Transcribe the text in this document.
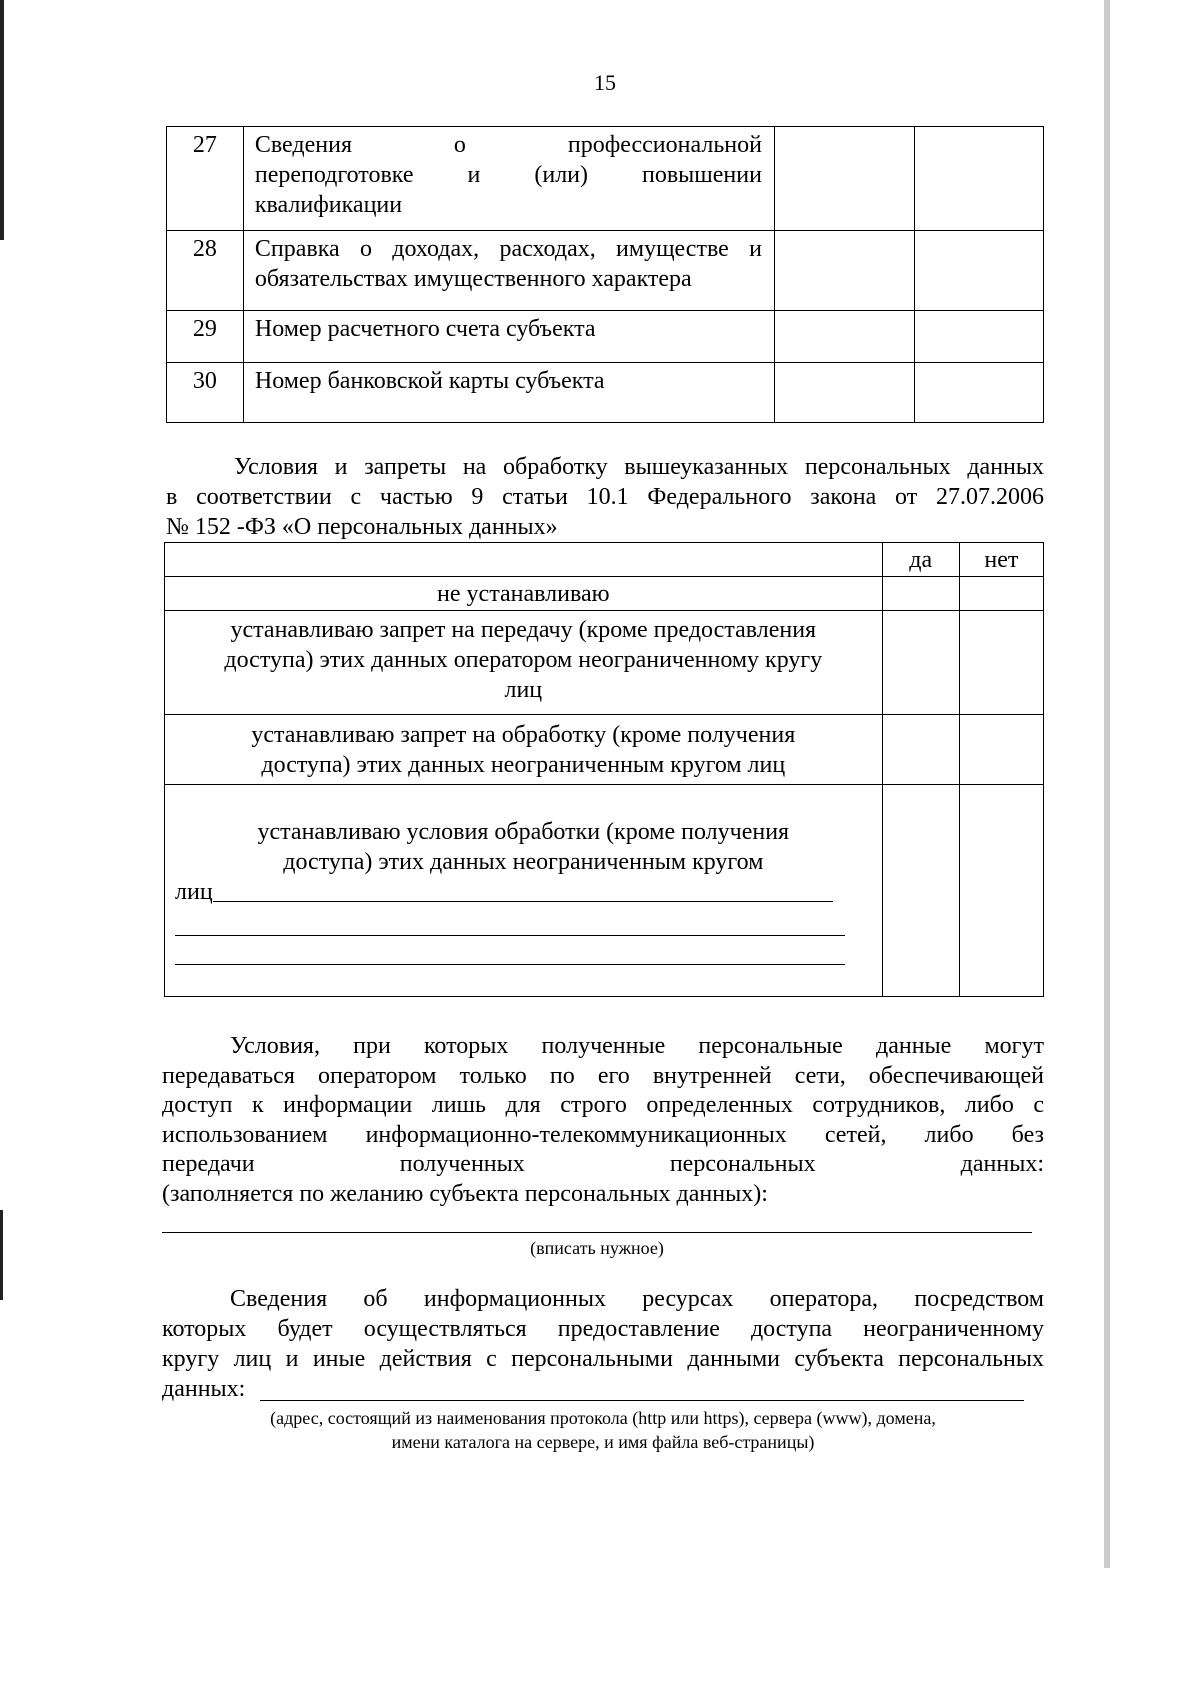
15
27	Сведения о профессиональной
переподготовке и (или) повышении
квалификации		

28	Справка о доходах, расходах, имуществе и
обязательствах имущественного характера		

29	Номер расчетного счета субъекта		
30	Номер банковской карты субъекта		
Условия и запреты на обработку вышеуказанных персональных данных
в соответствии с частью 9 статьи 10.1 Федерального закона от 27.07.2006
№ 152 -ФЗ «О персональных данных»
	да	нет
не устанавливаю		

устанавливаю запрет на передачу (кроме предоставления
доступа) этих данных оператором неограниченному кругу
лиц		

устанавливаю запрет на обработку (кроме получения
доступа) этих данных неограниченным кругом лиц		

устанавливаю условия обработки (кроме получения
доступа) этих данных неограниченным кругом
лиц		

Условия, при которых полученные персональные данные могут
передаваться оператором только по его внутренней сети, обеспечивающей
доступ к информации лишь для строго определенных сотрудников, либо с
использованием информационно-телекоммуникационных сетей, либо без
передачи полученных персональных данных:
(заполняется по желанию субъекта персональных данных):
(вписать нужное)
Сведения об информационных ресурсах оператора, посредством
которых будет осуществляться предоставление доступа неограниченному
кругу лиц и иные действия с персональными данными субъекта персональных
данных:
(адрес, состоящий из наименования протокола (http или https), сервера (www), домена,
имени каталога на сервере, и имя файла веб-страницы)
